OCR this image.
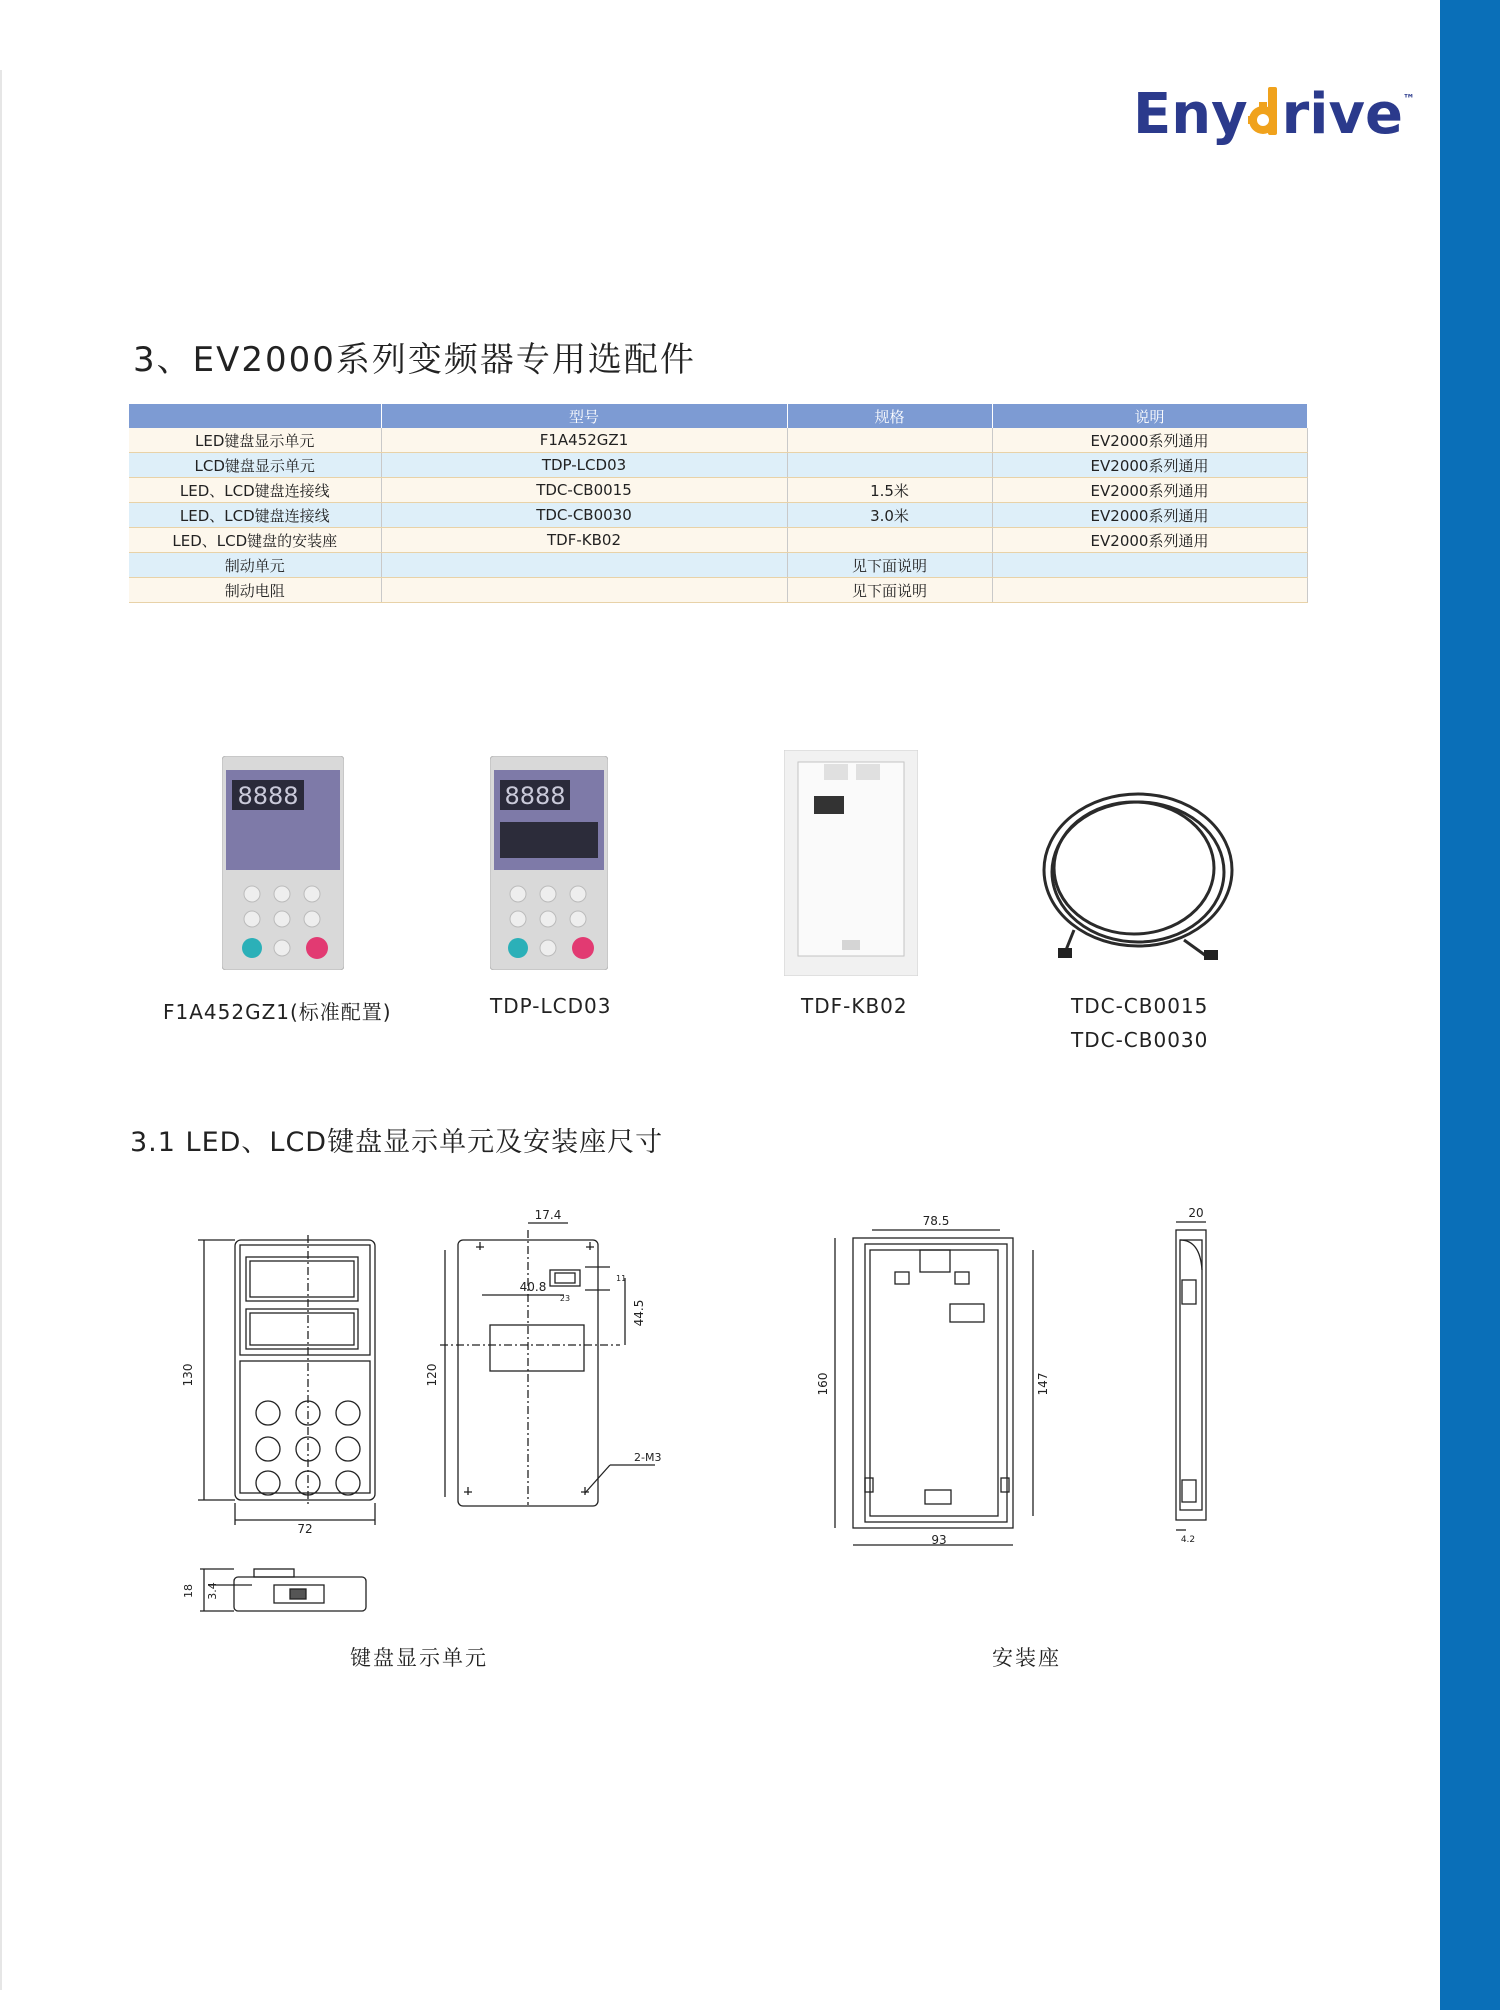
Eny rive™
3、EV2000系列变频器专用选配件
	型号	规格	说明
LED键盘显示单元	F1A452GZ1		EV2000系列通用
LCD键盘显示单元	TDP-LCD03		EV2000系列通用
LED、LCD键盘连接线	TDC-CB0015	1.5米	EV2000系列通用
LED、LCD键盘连接线	TDC-CB0030	3.0米	EV2000系列通用
LED、LCD键盘的安装座	TDF-KB02		EV2000系列通用
制动单元		见下面说明	
制动电阻		见下面说明	
8888	8888
F1A452GZ1(标准配置)	TDP-LCD03	TDF-KB02	TDC-CB0015
TDC-CB0030
3.1 LED、LCD键盘显示单元及安装座尺寸
130
72
17.4
40.8
44.5
120
2-M3
11
23
18 3.4
78.5
160	147
93
20
4.2
键盘显示单元	安装座
